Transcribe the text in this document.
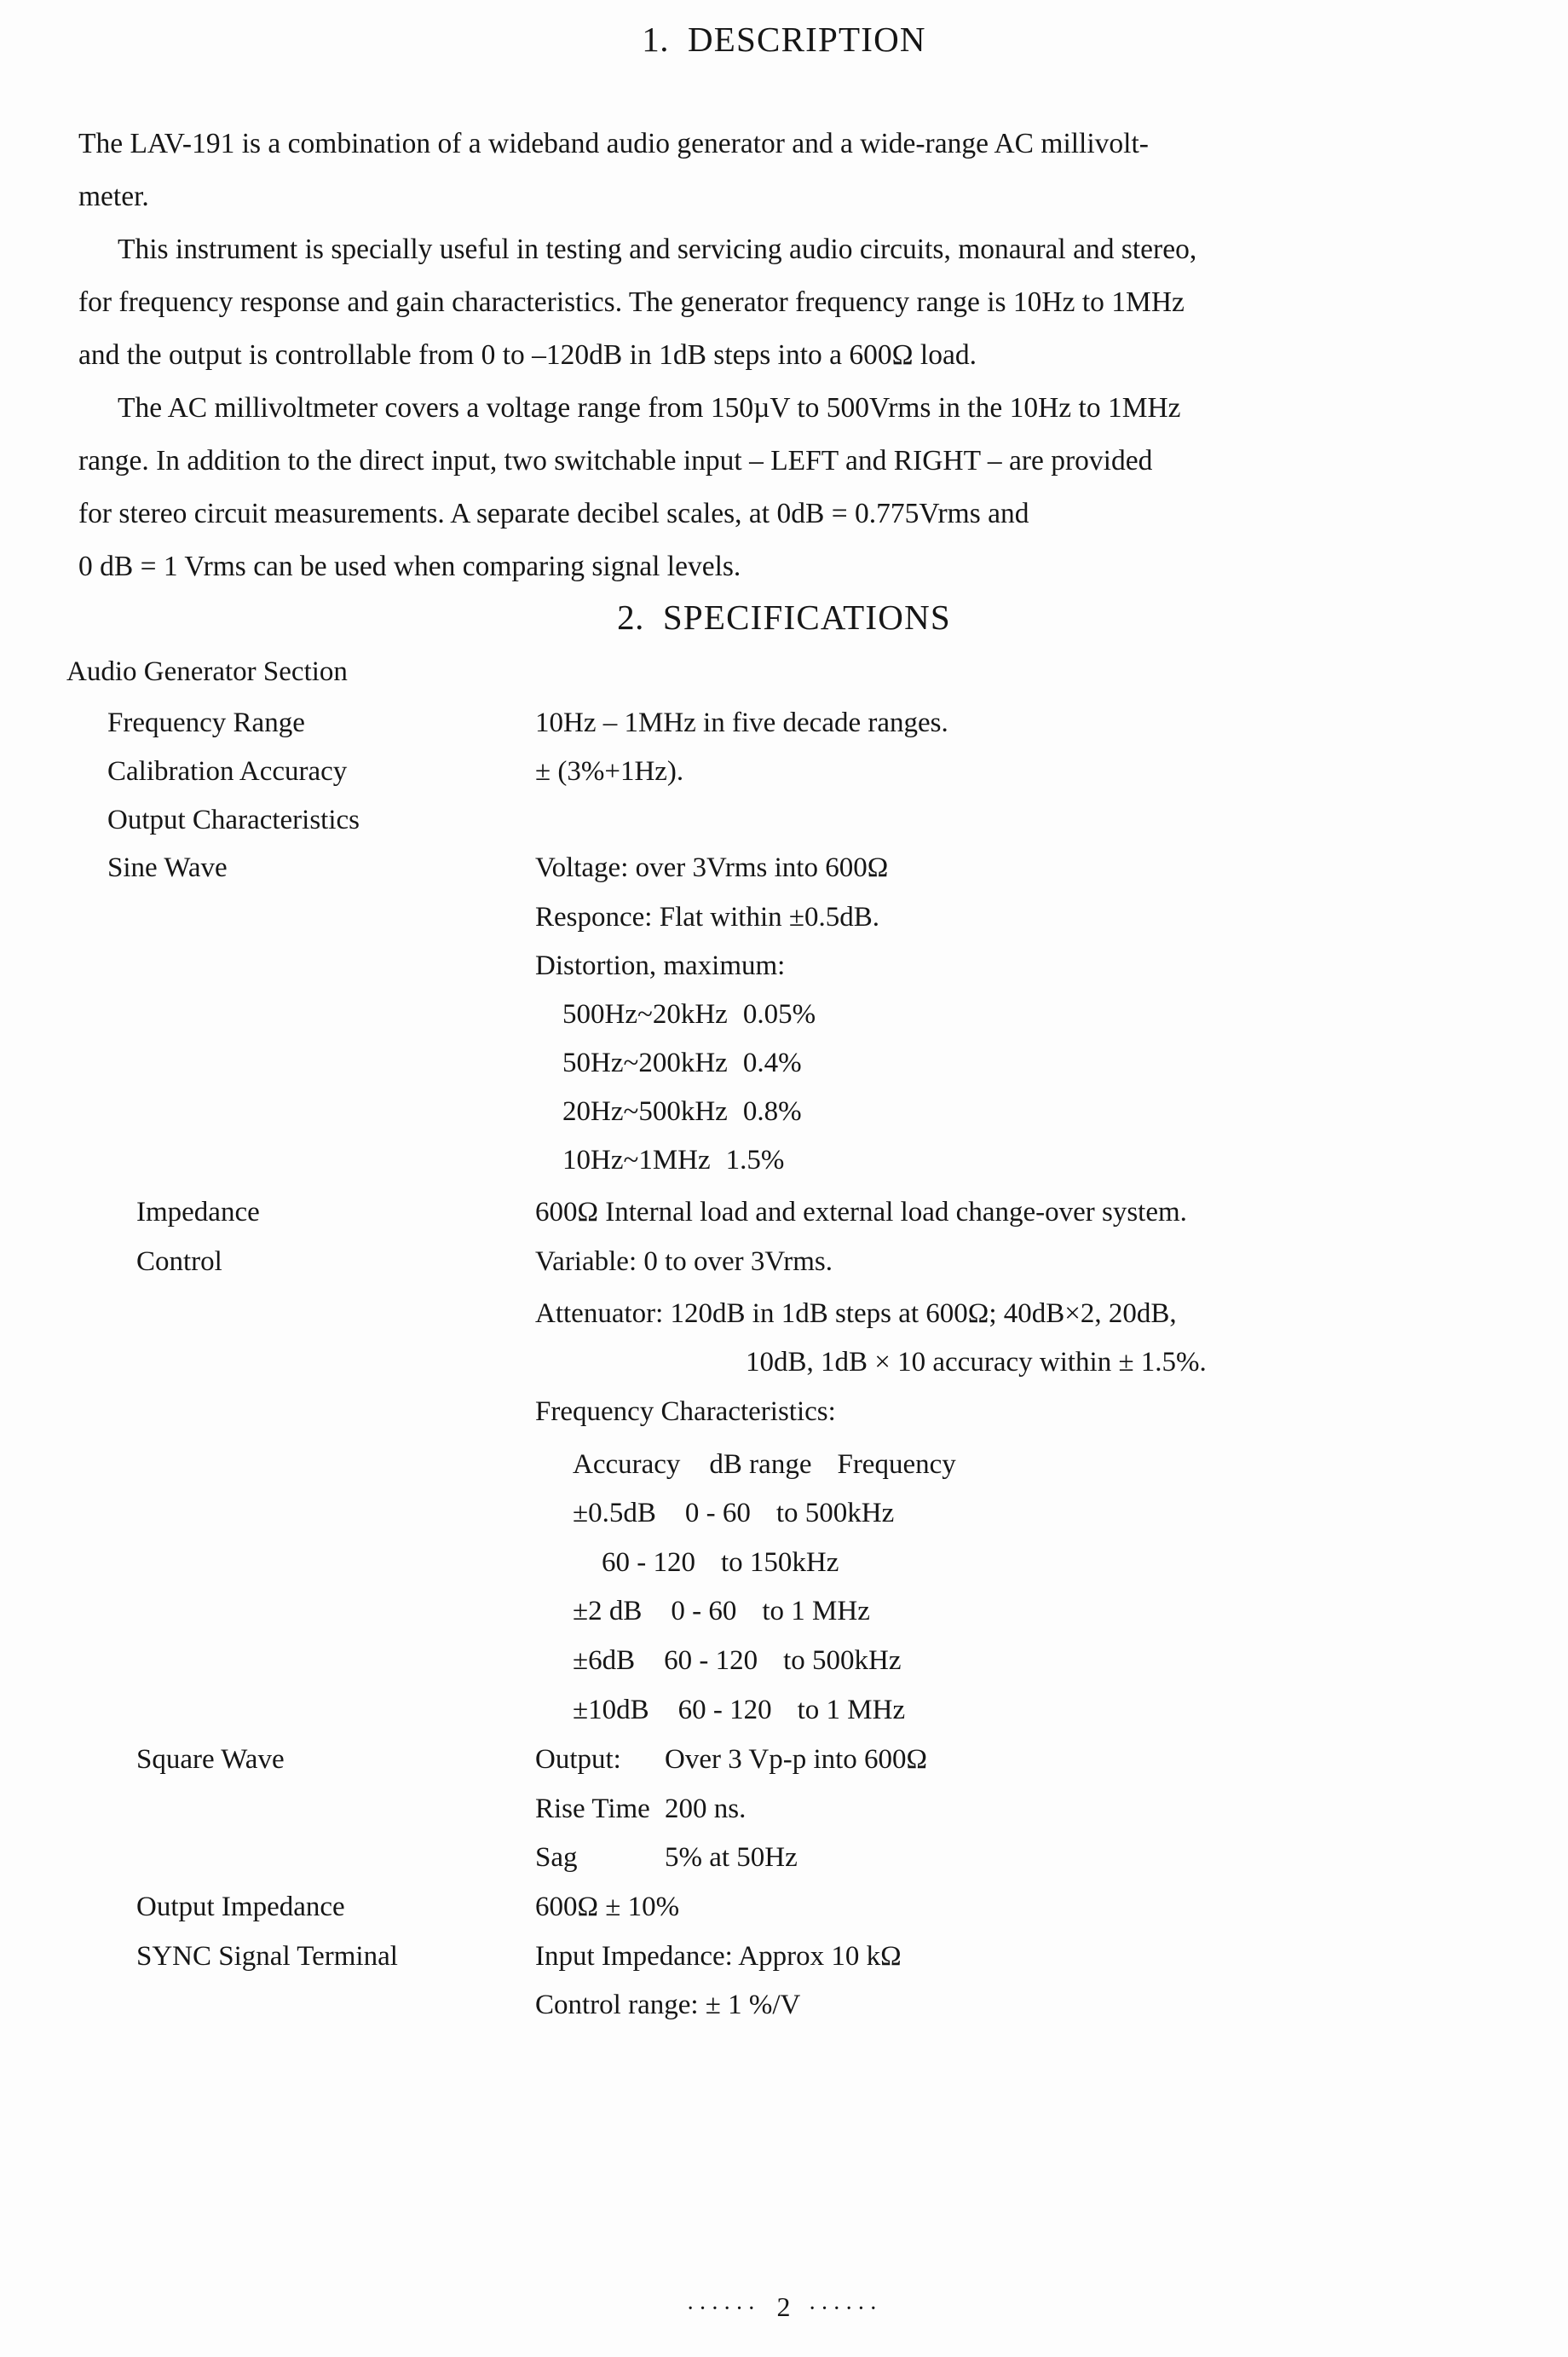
1. DESCRIPTION
The LAV-191 is a combination of a wideband audio generator and a wide-range AC millivolt-
meter.
This instrument is specially useful in testing and servicing audio circuits, monaural and stereo,
for frequency response and gain characteristics. The generator frequency range is 10Hz to 1MHz
and the output is controllable from 0 to –120dB in 1dB steps into a 600Ω load.
The AC millivoltmeter covers a voltage range from 150µV to 500Vrms in the 10Hz to 1MHz
range. In addition to the direct input, two switchable input – LEFT and RIGHT – are provided
for stereo circuit measurements. A separate decibel scales, at 0dB = 0.775Vrms and
0 dB = 1 Vrms can be used when comparing signal levels.
2. SPECIFICATIONS
Audio Generator Section
Frequency Range	10Hz – 1MHz in five decade ranges.
Calibration Accuracy	± (3%+1Hz).
Output Characteristics
Sine Wave	Voltage: over 3Vrms into 600Ω
Responce: Flat within ±0.5dB.
Distortion, maximum:
500Hz~20kHz 0.05%
50Hz~200kHz 0.4%
20Hz~500kHz 0.8%
10Hz~1MHz 1.5%
Impedance	600Ω Internal load and external load change-over system.
Control	Variable: 0 to over 3Vrms.
Attenuator: 120dB in 1dB steps at 600Ω; 40dB×2, 20dB,
10dB, 1dB × 10 accuracy within ± 1.5%.
Frequency Characteristics:
Accuracy dB range Frequency
±0.5dB 0 - 60 to 500kHz
60 - 120 to 150kHz
±2 dB 0 - 60 to 1 MHz
±6dB 60 - 120 to 500kHz
±10dB 60 - 120 to 1 MHz
Square Wave	Output: Over 3 Vp-p into 600Ω
Rise Time 200 ns.
Sag	5% at 50Hz
Output Impedance	600Ω ± 10%
SYNC Signal Terminal	Input Impedance: Approx 10 kΩ
Control range: ± 1 %/V
······ 2 ······
